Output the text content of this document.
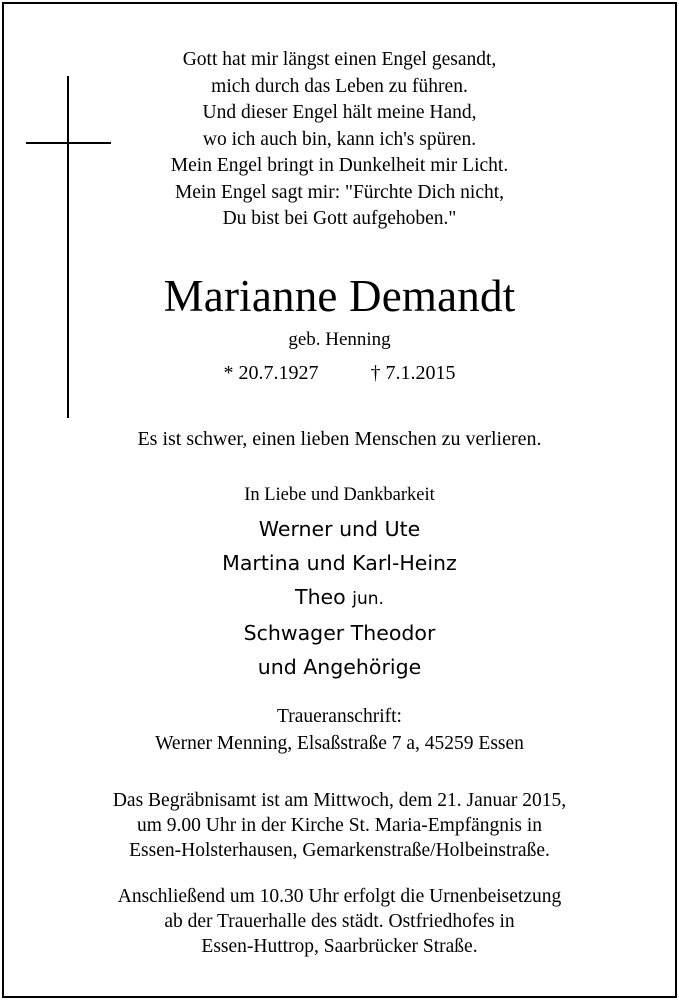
Gott hat mir längst einen Engel gesandt,
mich durch das Leben zu führen.
Und dieser Engel hält meine Hand,
wo ich auch bin, kann ich's spüren.
Mein Engel bringt in Dunkelheit mir Licht.
Mein Engel sagt mir: "Fürchte Dich nicht,
Du bist bei Gott aufgehoben."
Marianne Demandt
geb. Henning
* 20.7.1927	† 7.1.2015
Es ist schwer, einen lieben Menschen zu verlieren.
In Liebe und Dankbarkeit
Werner und Ute
Martina und Karl-Heinz
Theo jun.
Schwager Theodor
und Angehörige
Traueranschrift:
Werner Menning, Elsaßstraße 7 a, 45259 Essen
Das Begräbnisamt ist am Mittwoch, dem 21. Januar 2015,
um 9.00 Uhr in der Kirche St. Maria-Empfängnis in
Essen-Holsterhausen, Gemarkenstraße/Holbeinstraße.
Anschließend um 10.30 Uhr erfolgt die Urnenbeisetzung
ab der Trauerhalle des städt. Ostfriedhofes in
Essen-Huttrop, Saarbrücker Straße.
